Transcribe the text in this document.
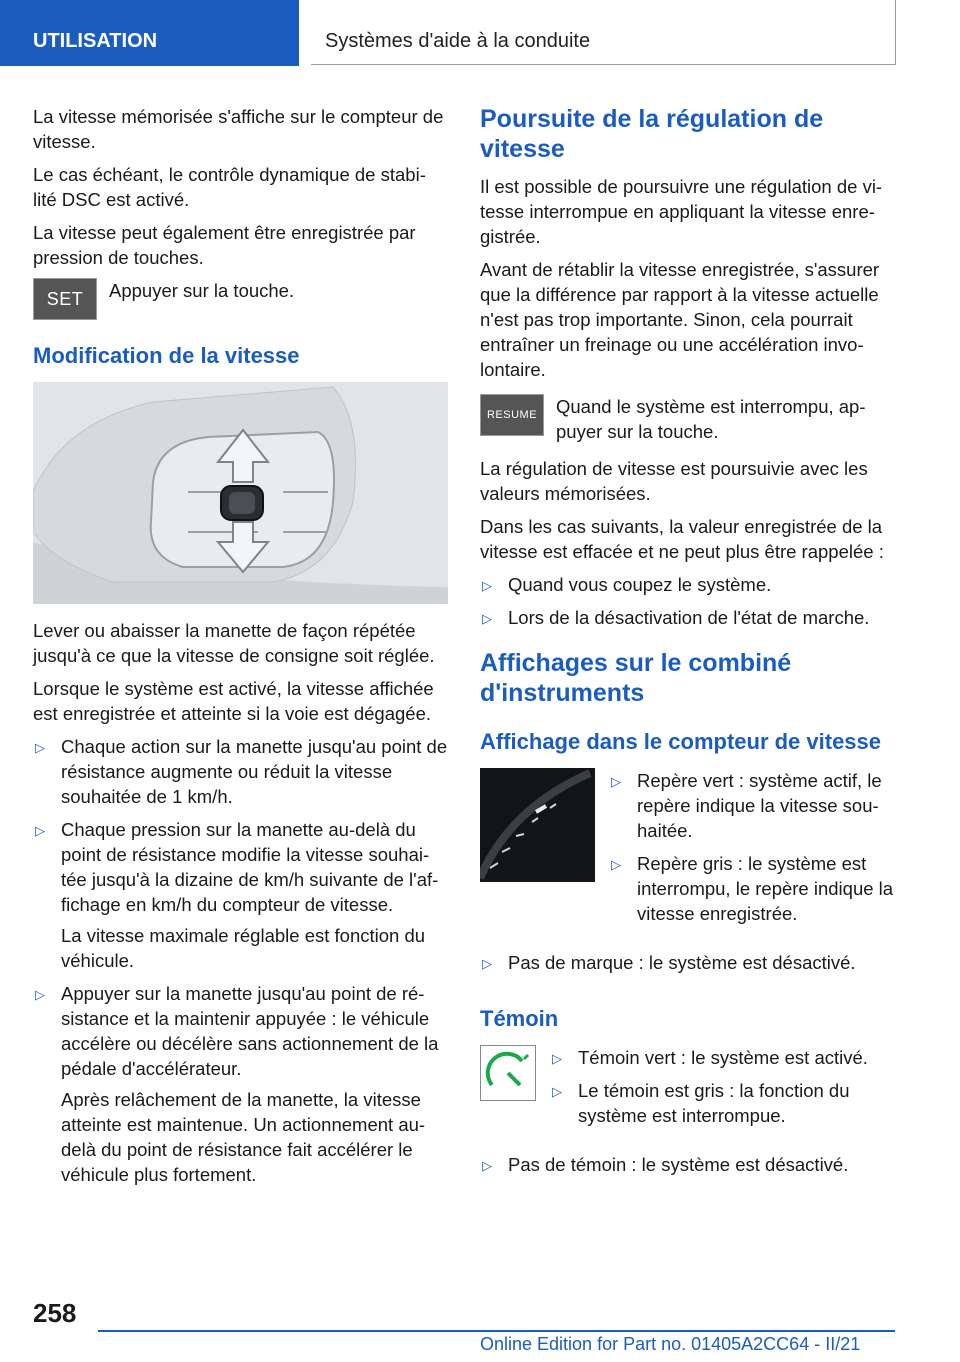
UTILISATION	Systèmes d'aide à la conduite

La vitesse mémorisée s'affiche sur le compteur de vitesse.

Le cas échéant, le contrôle dynamique de stabi-lité DSC est activé.

La vitesse peut également être enregistrée par pression de touches.

SET	Appuyer sur la touche.
Modification de la vitesse

Lever ou abaisser la manette de façon répétée jusqu'à ce que la vitesse de consigne soit réglée.

Lorsque le système est activé, la vitesse affichée est enregistrée et atteinte si la voie est dégagée.

▷ Chaque action sur la manette jusqu'au point de résistance augmente ou réduit la vitesse souhaitée de 1 km/h.
▷ Chaque pression sur la manette au-delà du point de résistance modifie la vitesse souhai-tée jusqu'à la dizaine de km/h suivante de l'af-fichage en km/h du compteur de vitesse.
La vitesse maximale réglable est fonction du véhicule.
▷ Appuyer sur la manette jusqu'au point de ré-sistance et la maintenir appuyée : le véhicule accélère ou décélère sans actionnement de la pédale d'accélérateur.
Après relâchement de la manette, la vitesse atteinte est maintenue. Un actionnement au-delà du point de résistance fait accélérer le véhicule plus fortement.
Poursuite de la régulation de vitesse

Il est possible de poursuivre une régulation de vi-tesse interrompue en appliquant la vitesse enre-gistrée.

Avant de rétablir la vitesse enregistrée, s'assurer que la différence par rapport à la vitesse actuelle n'est pas trop importante. Sinon, cela pourrait entraîner un freinage ou une accélération invo-lontaire.

RESUME	Quand le système est interrompu, ap-puyer sur la touche.

La régulation de vitesse est poursuivie avec les valeurs mémorisées.

Dans les cas suivants, la valeur enregistrée de la vitesse est effacée et ne peut plus être rappelée :

▷ Quand vous coupez le système.
▷ Lors de la désactivation de l'état de marche.
Affichages sur le combiné d'instruments
Affichage dans le compteur de vitesse
▷ Repère vert : système actif, le repère indique la vitesse sou-haitée.
▷ Repère gris : le système est interrompu, le repère indique la vitesse enregistrée.
▷ Pas de marque : le système est désactivé.
Témoin
▷ Témoin vert : le système est activé.
▷ Le témoin est gris : la fonction du système est interrompue.
▷ Pas de témoin : le système est désactivé.
258
Online Edition for Part no. 01405A2CC64 - II/21
